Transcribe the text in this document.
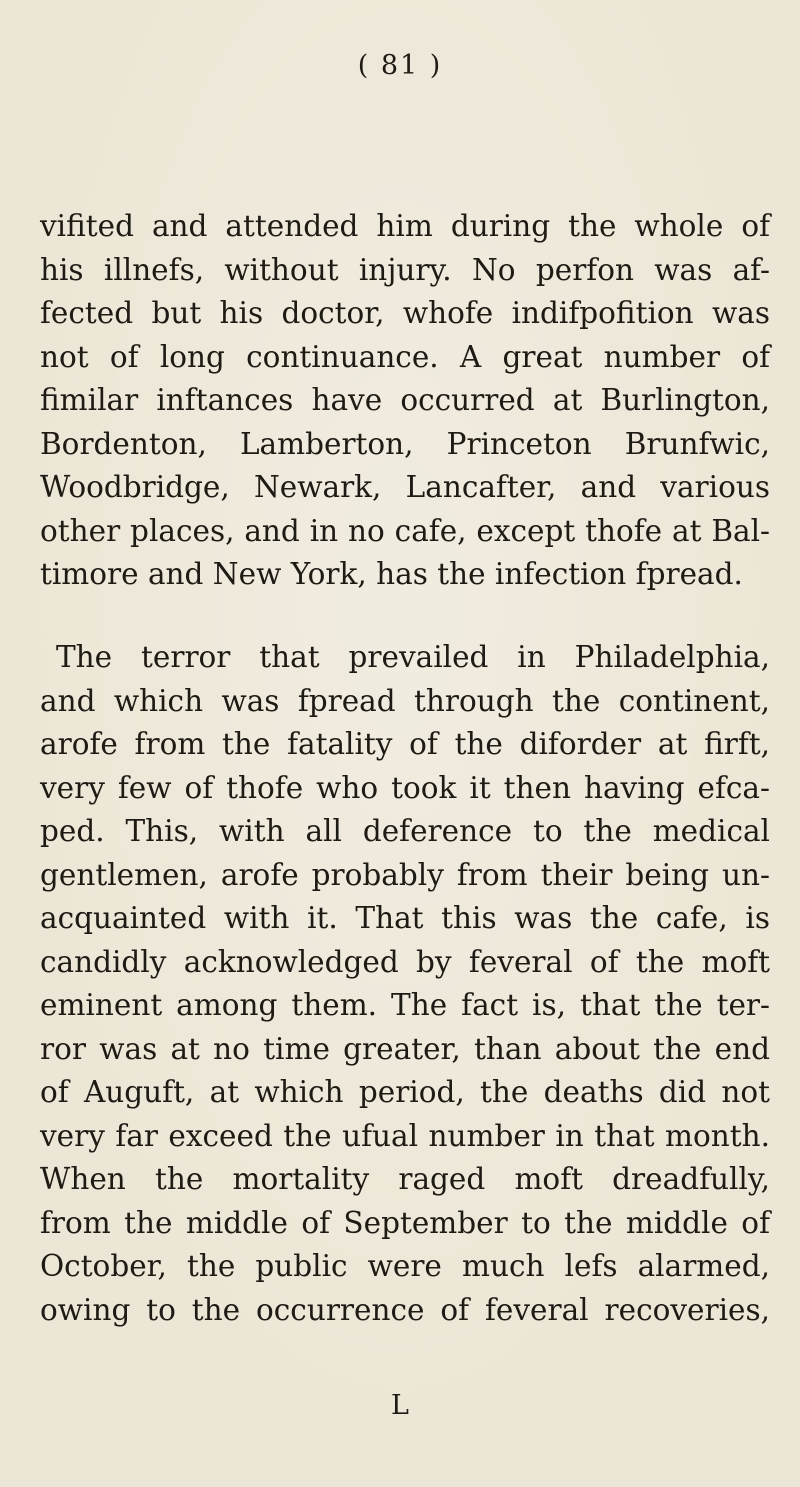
( 81 )
vifited and attended him during the whole of
his illnefs, without injury. No perfon was af-
fected but his doctor, whofe indifpofition was
not of long continuance. A great number of
fimilar inftances have occurred at Burlington,
Bordenton, Lamberton, Princeton Brunfwic,
Woodbridge, Newark, Lancafter, and various
other places, and in no cafe, except thofe at Bal-
timore and New York, has the infection fpread.
The terror that prevailed in Philadelphia,
and which was fpread through the continent,
arofe from the fatality of the diforder at firft,
very few of thofe who took it then having efca-
ped. This, with all deference to the medical
gentlemen, arofe probably from their being un-
acquainted with it. That this was the cafe, is
candidly acknowledged by feveral of the moft
eminent among them. The fact is, that the ter-
ror was at no time greater, than about the end
of Auguft, at which period, the deaths did not
very far exceed the ufual number in that month.
When the mortality raged moft dreadfully,
from the middle of September to the middle of
October, the public were much lefs alarmed,
owing to the occurrence of feveral recoveries,
L
